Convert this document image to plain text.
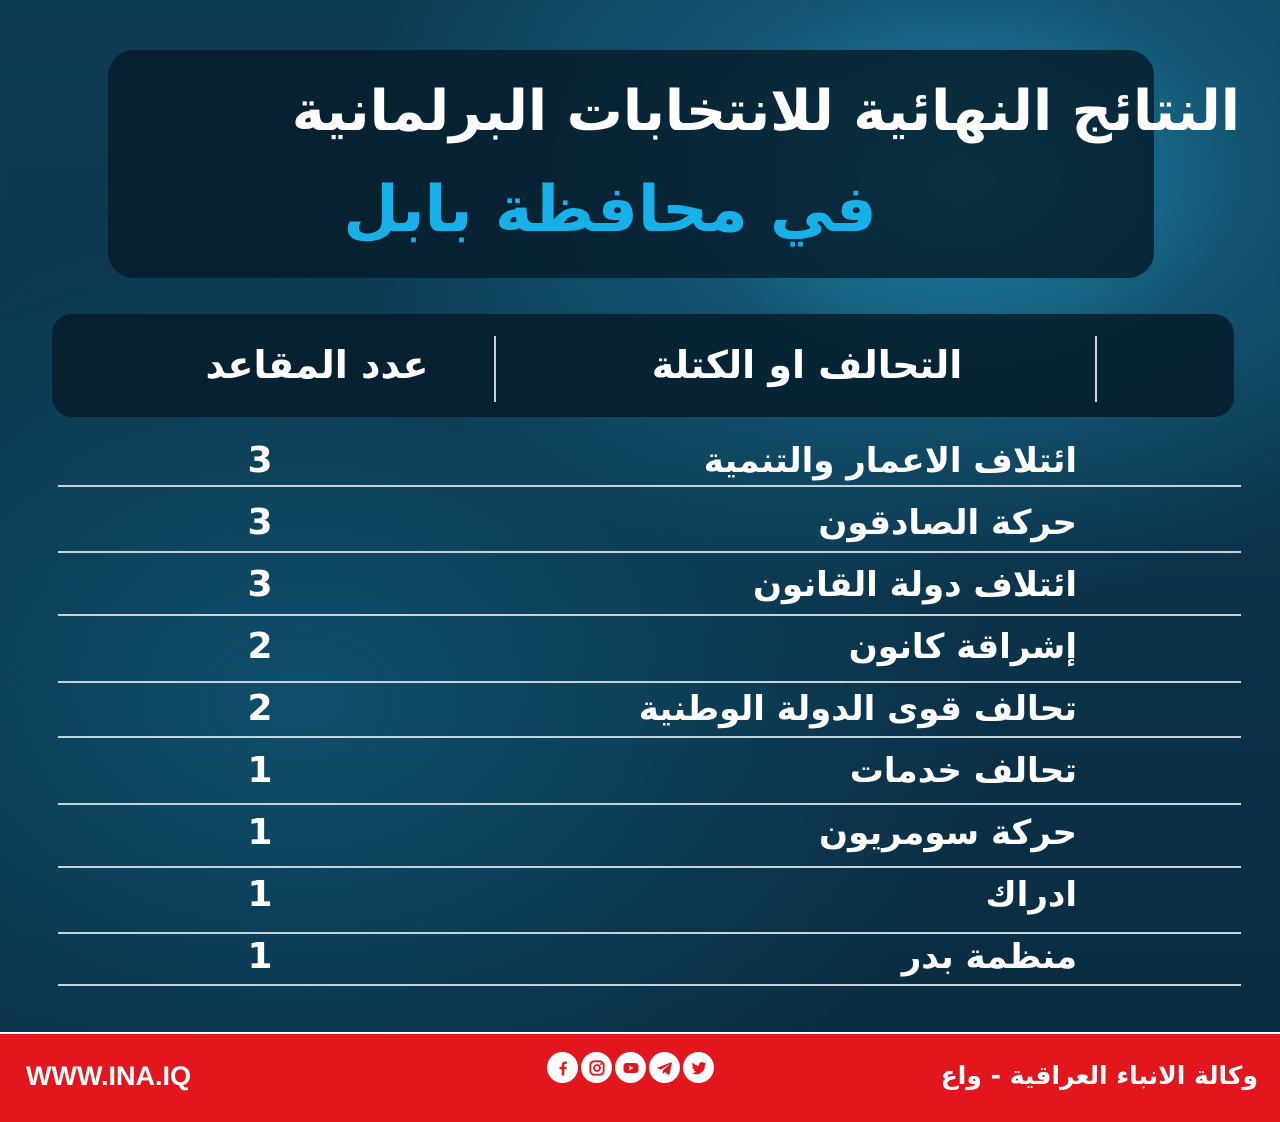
النتائج النهائية للانتخابات البرلمانية
في محافظة بابل
التحالف او الكتلة
عدد المقاعد
ائتلاف الاعمار والتنمية
3
حركة الصادقون
3
ائتلاف دولة القانون
3
إشراقة كانون
2
تحالف قوى الدولة الوطنية
2
تحالف خدمات
1
حركة سومريون
1
ادراك
1
منظمة بدر
1
WWW.INA.IQ	وكالة الانباء العراقية - واع
